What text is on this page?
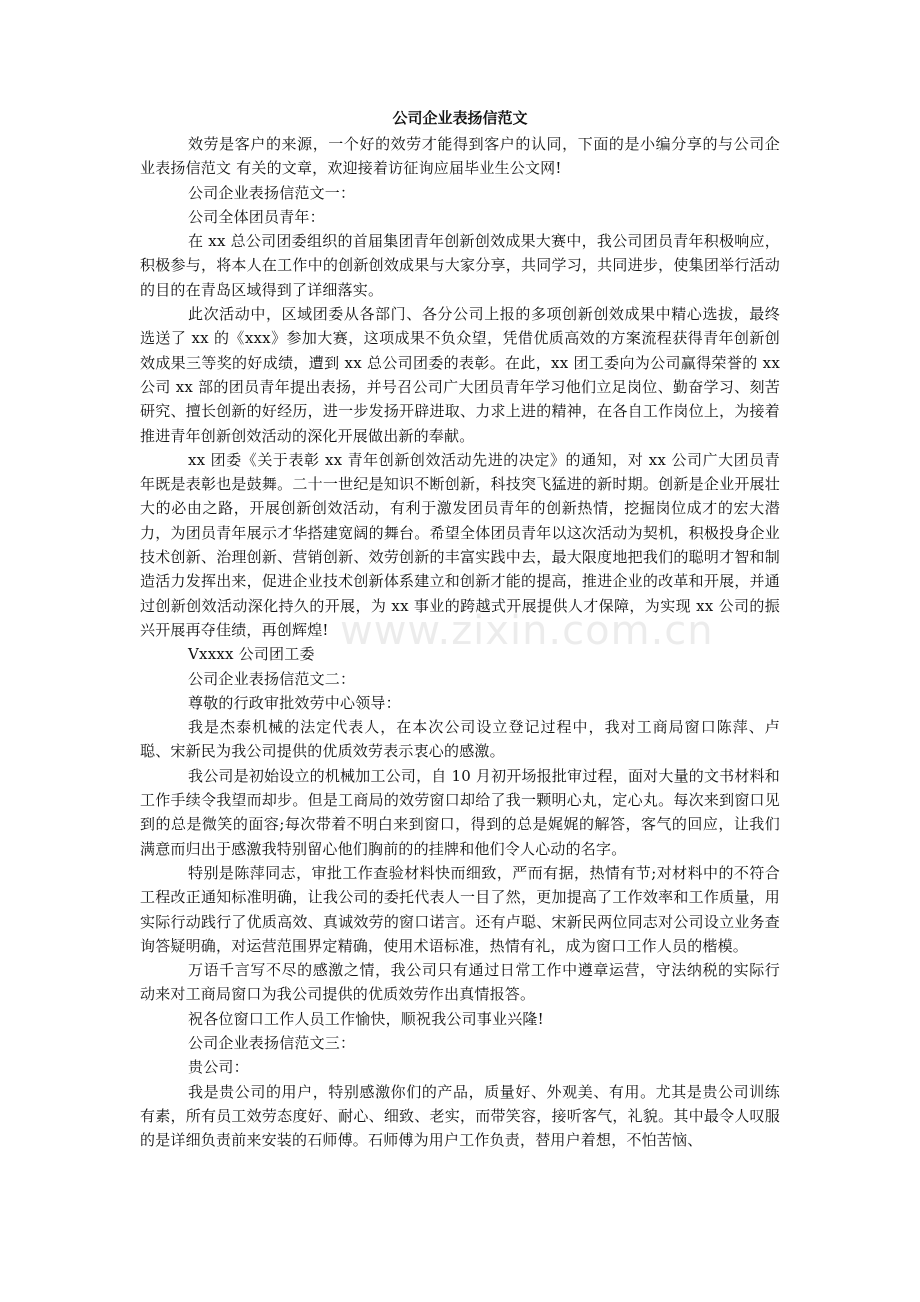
公司企业表扬信范文

效劳是客户的来源，一个好的效劳才能得到客户的认同，下面的是小编分享的与公司企业表扬信范文 有关的文章，欢迎接着访征询应届毕业生公文网!

公司企业表扬信范文一：

公司全体团员青年：

在 xx 总公司团委组织的首届集团青年创新创效成果大赛中，我公司团员青年积极响应，积极参与，将本人在工作中的创新创效成果与大家分享，共同学习，共同进步，使集团举行活动的目的在青岛区域得到了详细落实。

此次活动中，区域团委从各部门、各分公司上报的多项创新创效成果中精心选拔，最终选送了 xx 的《xxx》参加大赛，这项成果不负众望，凭借优质高效的方案流程获得青年创新创效成果三等奖的好成绩，遭到 xx 总公司团委的表彰。在此，xx 团工委向为公司赢得荣誉的 xx 公司 xx 部的团员青年提出表扬，并号召公司广大团员青年学习他们立足岗位、勤奋学习、刻苦研究、擅长创新的好经历，进一步发扬开辟进取、力求上进的精神，在各自工作岗位上，为接着推进青年创新创效活动的深化开展做出新的奉献。

xx 团委《关于表彰 xx 青年创新创效活动先进的决定》的通知，对 xx 公司广大团员青年既是表彰也是鼓舞。二十一世纪是知识不断创新，科技突飞猛进的新时期。创新是企业开展壮大的必由之路，开展创新创效活动，有利于激发团员青年的创新热情，挖掘岗位成才的宏大潜力，为团员青年展示才华搭建宽阔的舞台。希望全体团员青年以这次活动为契机，积极投身企业技术创新、治理创新、营销创新、效劳创新的丰富实践中去，最大限度地把我们的聪明才智和制造活力发挥出来，促进企业技术创新体系建立和创新才能的提高，推进企业的改革和开展，并通过创新创效活动深化持久的开展，为 xx 事业的跨越式开展提供人才保障，为实现 xx 公司的振兴开展再夺佳绩，再创辉煌!

Vxxxx 公司团工委

公司企业表扬信范文二：

尊敬的行政审批效劳中心领导：

我是杰泰机械的法定代表人，在本次公司设立登记过程中，我对工商局窗口陈萍、卢聪、宋新民为我公司提供的优质效劳表示衷心的感激。

我公司是初始设立的机械加工公司，自 10 月初开场报批审过程，面对大量的文书材料和工作手续令我望而却步。但是工商局的效劳窗口却给了我一颗明心丸，定心丸。每次来到窗口见到的总是微笑的面容;每次带着不明白来到窗口，得到的总是娓娓的解答，客气的回应，让我们满意而归出于感激我特别留心他们胸前的的挂牌和他们令人心动的名字。

特别是陈萍同志，审批工作查验材料快而细致，严而有据，热情有节;对材料中的不符合工程改正通知标准明确，让我公司的委托代表人一目了然，更加提高了工作效率和工作质量，用实际行动践行了优质高效、真诚效劳的窗口诺言。还有卢聪、宋新民两位同志对公司设立业务查询答疑明确，对运营范围界定精确，使用术语标准，热情有礼，成为窗口工作人员的楷模。

万语千言写不尽的感激之情，我公司只有通过日常工作中遵章运营，守法纳税的实际行动来对工商局窗口为我公司提供的优质效劳作出真情报答。

祝各位窗口工作人员工作愉快，顺祝我公司事业兴隆!

公司企业表扬信范文三：

贵公司：

我是贵公司的用户，特别感激你们的产品，质量好、外观美、有用。尤其是贵公司训练有素，所有员工效劳态度好、耐心、细致、老实，而带笑容，接听客气，礼貌。其中最令人叹服的是详细负责前来安装的石师傅。石师傅为用户工作负责，替用户着想，不怕苦恼、

www.zixin.com.cn
